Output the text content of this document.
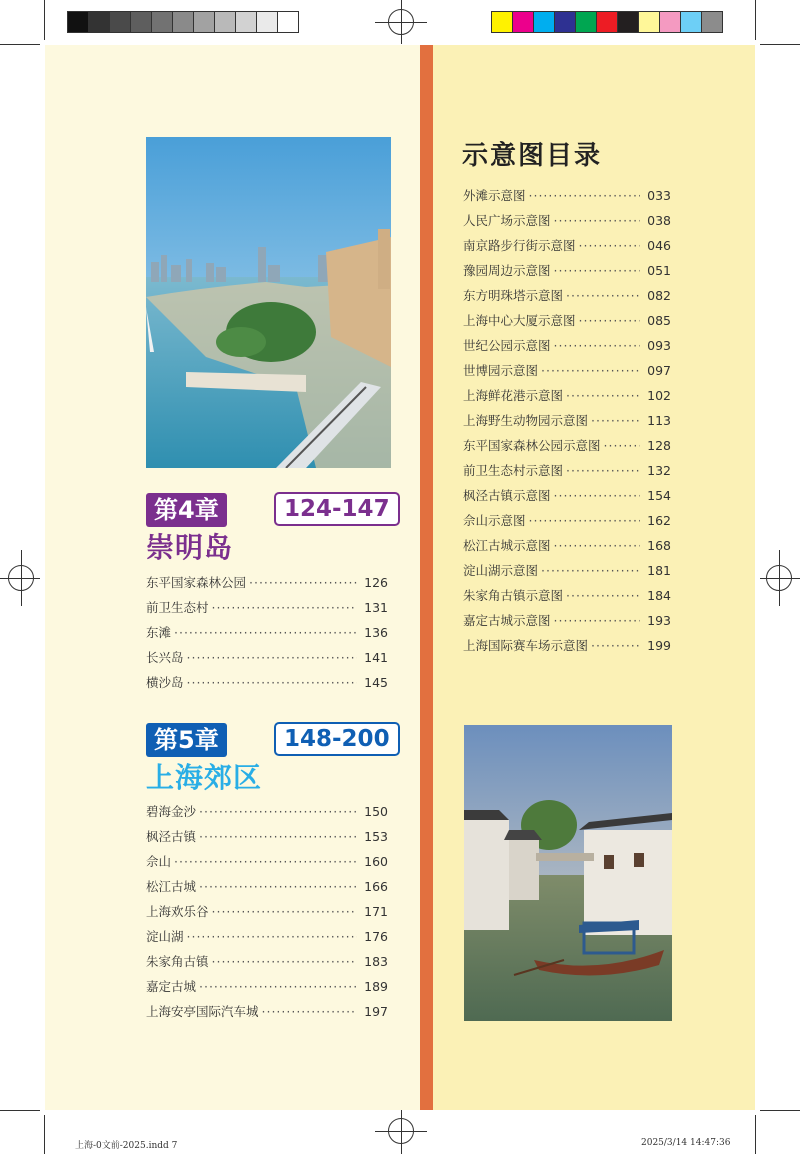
第4章	124-147
崇明岛
东平国家森林公园 ·····	126
前卫生态村 ·····	131
东滩 ·····	136
长兴岛 ·····	141
横沙岛 ·····	145
第5章	148-200
上海郊区
碧海金沙 ·····	150
枫泾古镇 ·····	153
佘山 ·····	160
松江古城 ·····	166
上海欢乐谷 ·····	171
淀山湖 ·····	176
朱家角古镇 ·····	183
嘉定古城 ·····	189
上海安亭国际汽车城 ·····	197
示意图目录
外滩示意图 ·····	033
人民广场示意图 ·····	038
南京路步行街示意图 ·····	046
豫园周边示意图 ·····	051
东方明珠塔示意图 ·····	082
上海中心大厦示意图 ·····	085
世纪公园示意图 ·····	093
世博园示意图 ·····	097
上海鲜花港示意图 ·····	102
上海野生动物园示意图 ·····	113
东平国家森林公园示意图 ·····	128
前卫生态村示意图 ·····	132
枫泾古镇示意图 ·····	154
佘山示意图 ·····	162
松江古城示意图 ·····	168
淀山湖示意图 ·····	181
朱家角古镇示意图 ·····	184
嘉定古城示意图 ·····	193
上海国际赛车场示意图 ·····	199
上海-0文前-2025.indd 7	2025/3/14 14:47:36
